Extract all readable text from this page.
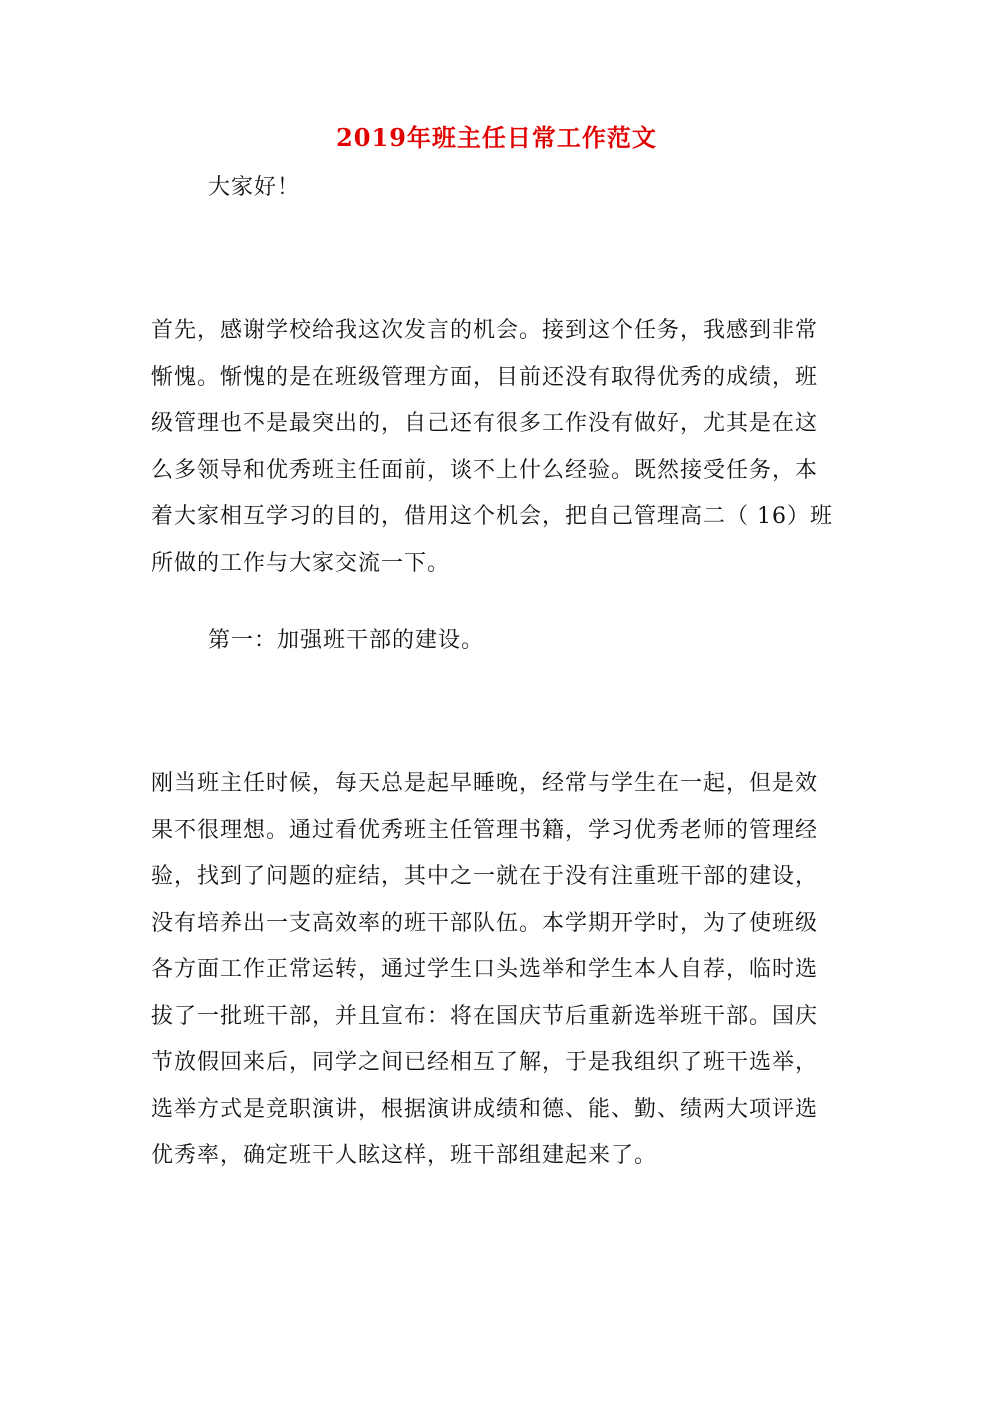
2019年班主任日常工作范文
大家好！
首先，感谢学校给我这次发言的机会。接到这个任务，我感到非常
惭愧。惭愧的是在班级管理方面，目前还没有取得优秀的成绩，班
级管理也不是最突出的，自己还有很多工作没有做好，尤其是在这
么多领导和优秀班主任面前，谈不上什么经验。既然接受任务，本
着大家相互学习的目的，借用这个机会，把自己管理高二（ 16）班
所做的工作与大家交流一下。
第一：加强班干部的建设。
刚当班主任时候，每天总是起早睡晚，经常与学生在一起，但是效
果不很理想。通过看优秀班主任管理书籍，学习优秀老师的管理经
验，找到了问题的症结，其中之一就在于没有注重班干部的建设，
没有培养出一支高效率的班干部队伍。本学期开学时，为了使班级
各方面工作正常运转，通过学生口头选举和学生本人自荐，临时选
拔了一批班干部，并且宣布：将在国庆节后重新选举班干部。国庆
节放假回来后，同学之间已经相互了解，于是我组织了班干选举，
选举方式是竞职演讲，根据演讲成绩和德、能、勤、绩两大项评选
优秀率，确定班干人眩这样，班干部组建起来了。
